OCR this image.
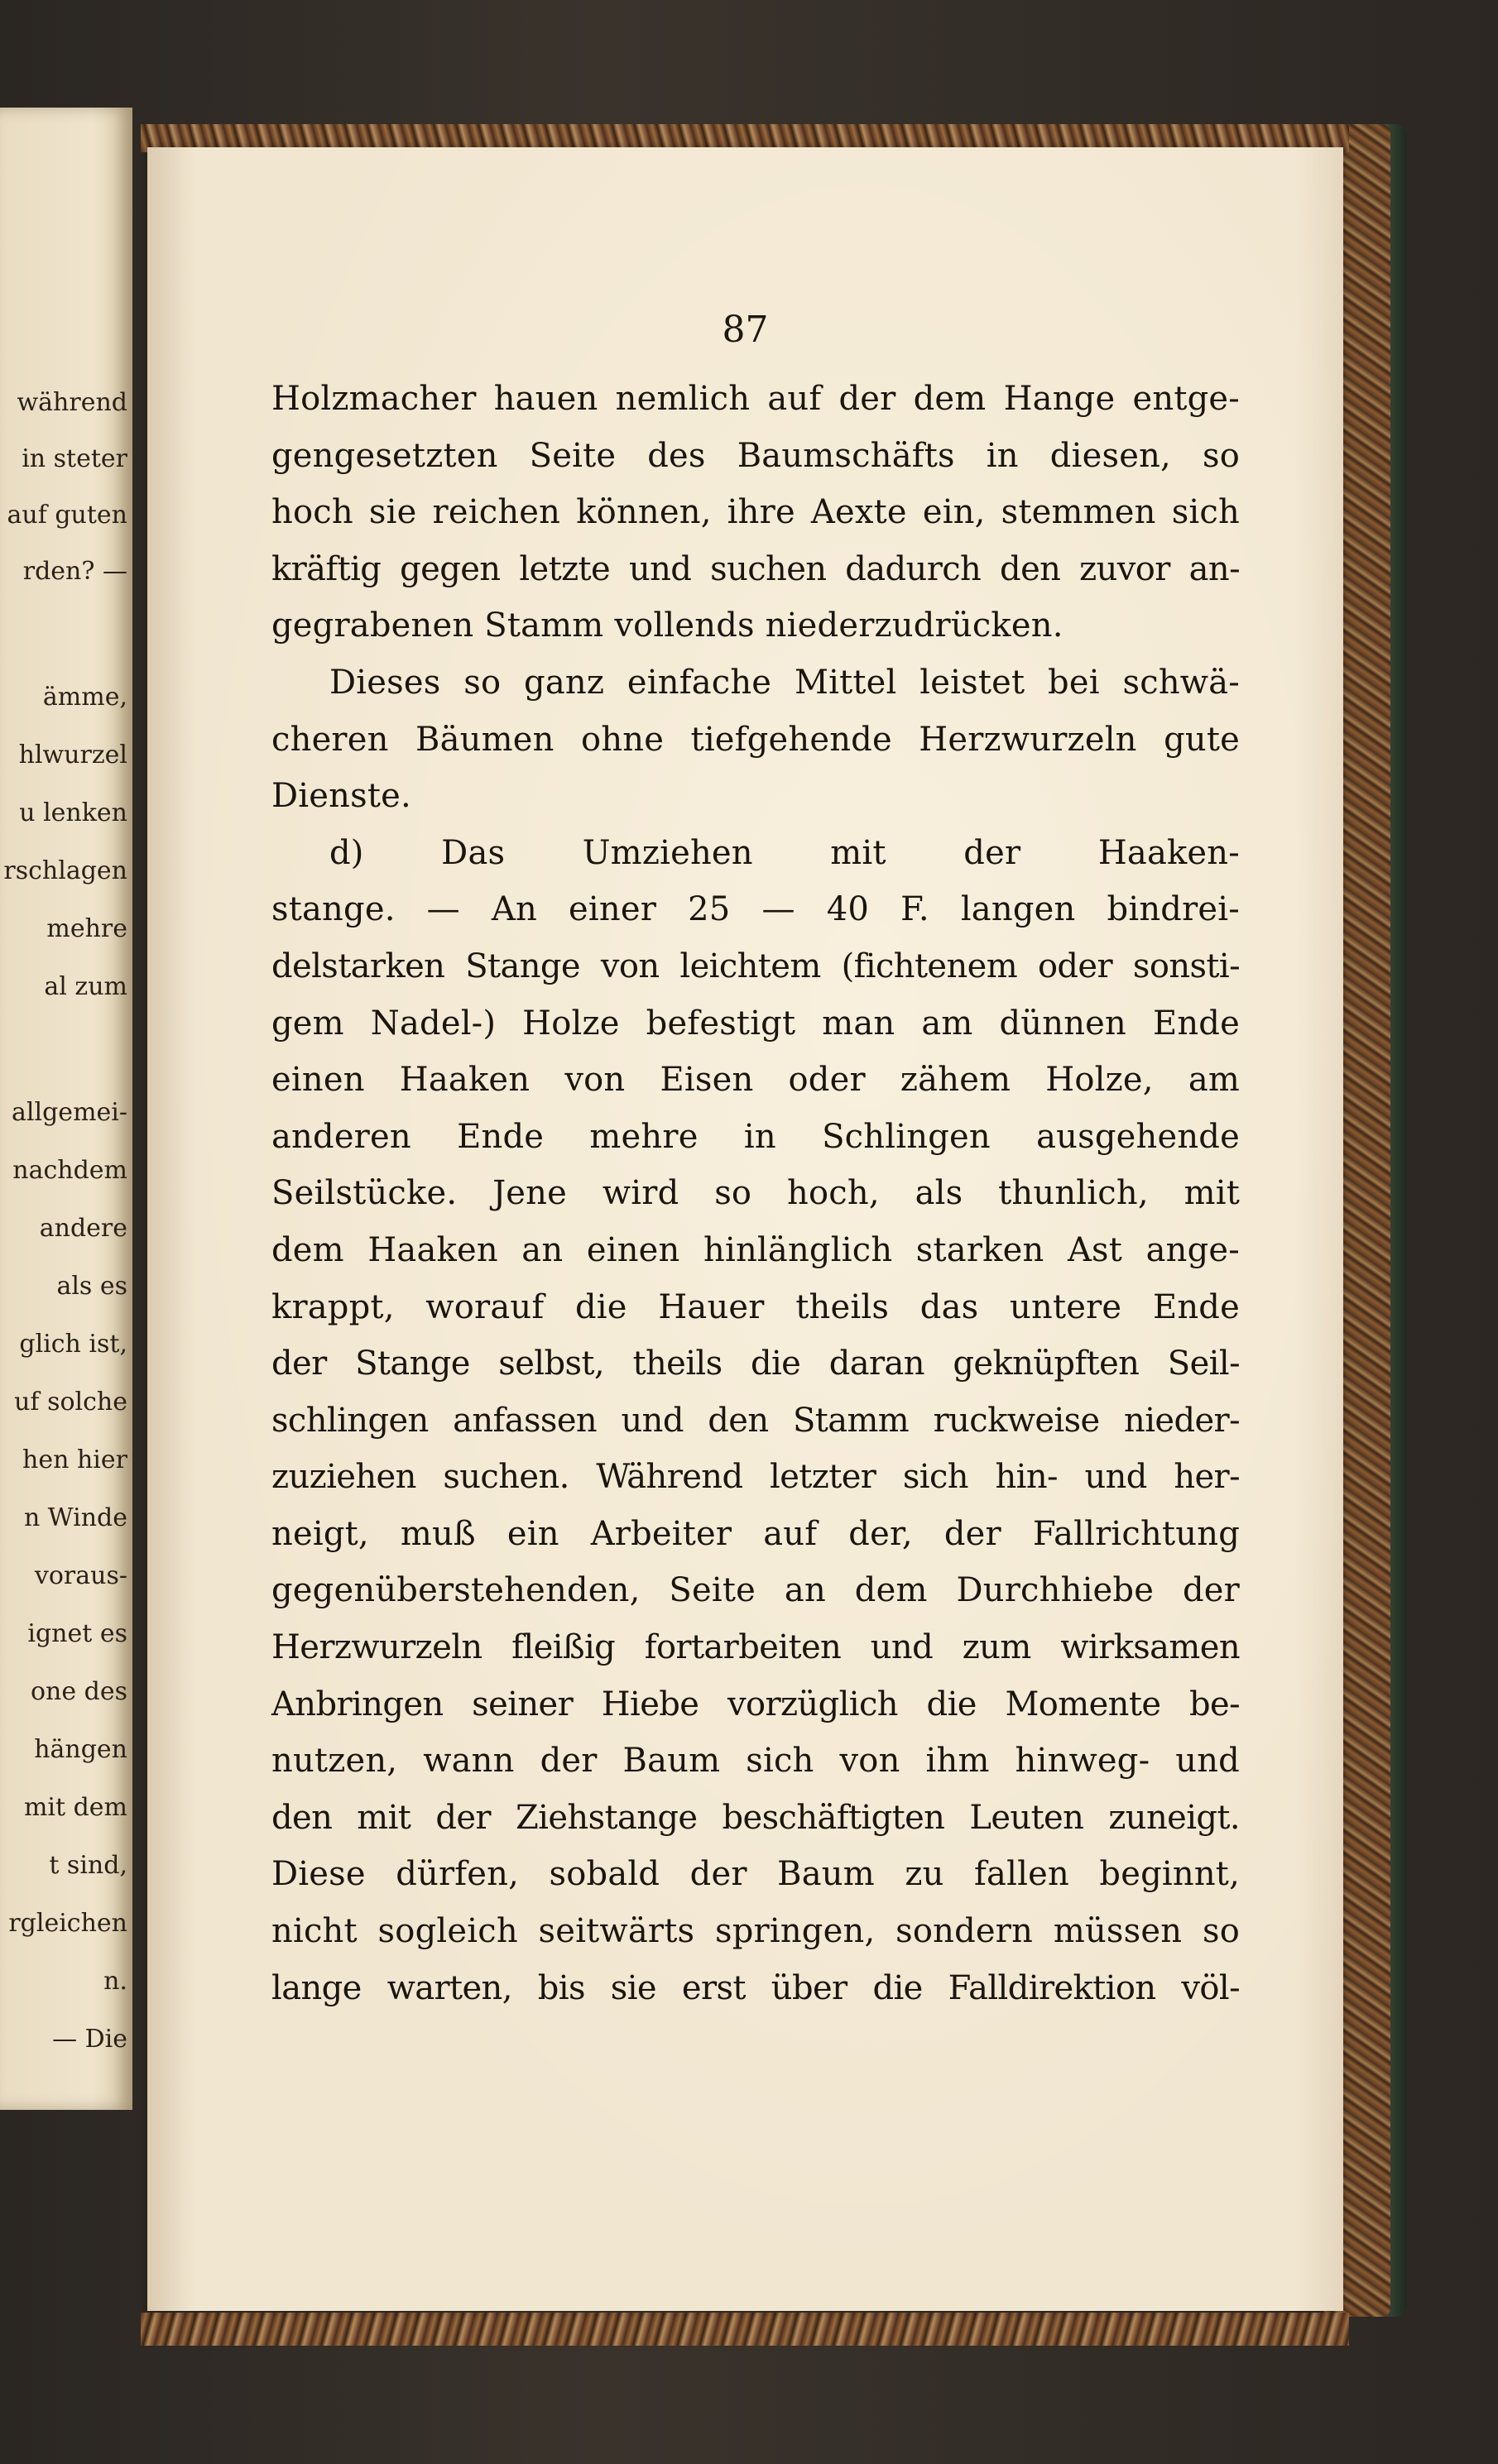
während
in steter
auf guten
rden? —
ämme,
hlwurzel
u lenken
rschlagen
mehre
al zum
allgemei-
nachdem
andere
als es
glich ist,
uf solche
hen hier
n Winde
voraus-
ignet es
one des
hängen
mit dem
t sind,
rgleichen
n.
— Die
87
Holzmacher hauen nemlich auf der dem Hange entge-
gengesetzten Seite des Baumschäfts in diesen, so
hoch sie reichen können, ihre Aexte ein, stemmen sich
kräftig gegen letzte und suchen dadurch den zuvor an-
gegrabenen Stamm vollends niederzudrücken.
Dieses so ganz einfache Mittel leistet bei schwä-
cheren Bäumen ohne tiefgehende Herzwurzeln gute
Dienste.
d) Das Umziehen mit der Haaken-
stange. — An einer 25 — 40 F. langen bindrei-
delstarken Stange von leichtem (fichtenem oder sonsti-
gem Nadel-) Holze befestigt man am dünnen Ende
einen Haaken von Eisen oder zähem Holze, am
anderen Ende mehre in Schlingen ausgehende
Seilstücke. Jene wird so hoch, als thunlich, mit
dem Haaken an einen hinlänglich starken Ast ange-
krappt, worauf die Hauer theils das untere Ende
der Stange selbst, theils die daran geknüpften Seil-
schlingen anfassen und den Stamm ruckweise nieder-
zuziehen suchen. Während letzter sich hin- und her-
neigt, muß ein Arbeiter auf der, der Fallrichtung
gegenüberstehenden, Seite an dem Durchhiebe der
Herzwurzeln fleißig fortarbeiten und zum wirksamen
Anbringen seiner Hiebe vorzüglich die Momente be-
nutzen, wann der Baum sich von ihm hinweg- und
den mit der Ziehstange beschäftigten Leuten zuneigt.
Diese dürfen, sobald der Baum zu fallen beginnt,
nicht sogleich seitwärts springen, sondern müssen so
lange warten, bis sie erst über die Falldirektion völ-
